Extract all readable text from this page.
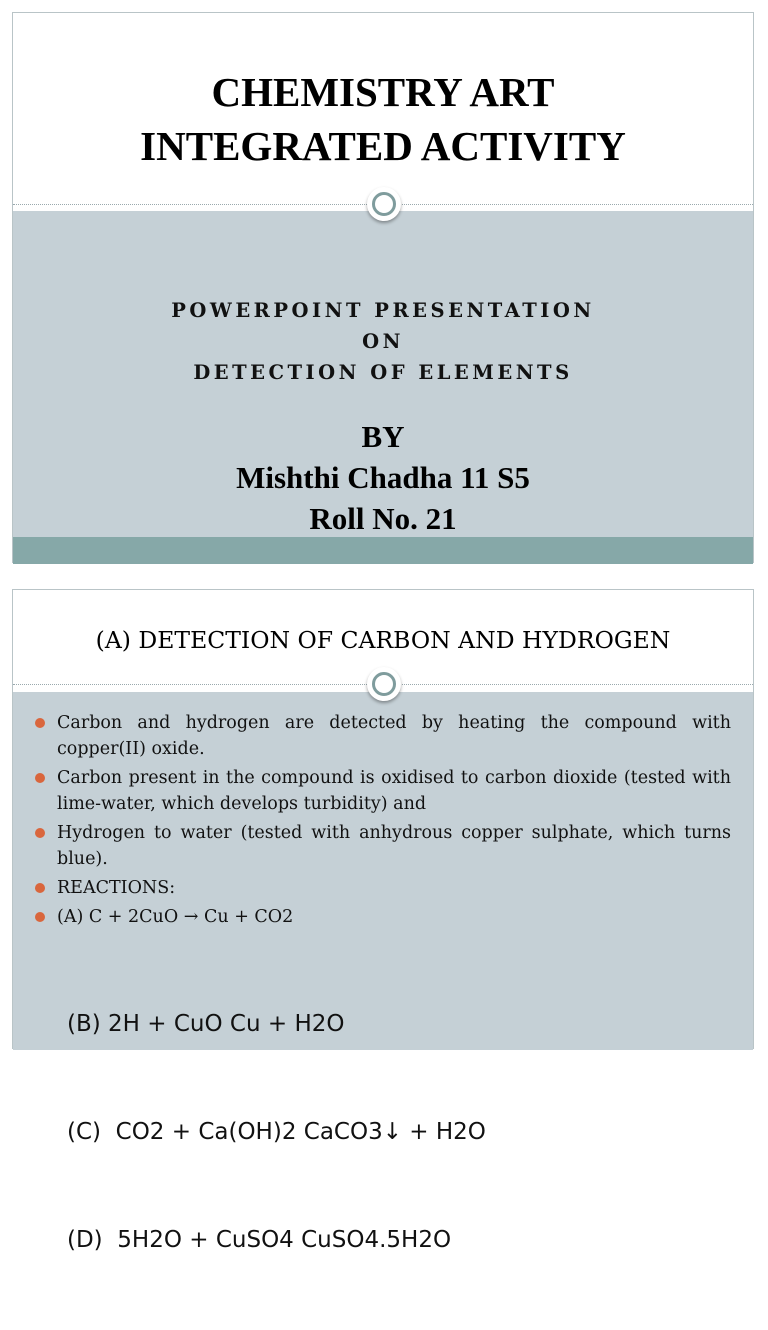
CHEMISTRY ART
INTEGRATED ACTIVITY
POWERPOINT PRESENTATION
ON
DETECTION OF ELEMENTS
BY
Mishthi Chadha 11 S5
Roll No. 21
(A) DETECTION OF CARBON AND HYDROGEN
Carbon and hydrogen are detected by heating the compound with copper(II) oxide.
Carbon present in the compound is oxidised to carbon dioxide (tested with lime-water, which develops turbidity) and
Hydrogen to water (tested with anhydrous copper sulphate, which turns blue).
REACTIONS:
(A) C + 2CuO → Cu + CO2

(B) 2H + CuO Cu + H2O

(C)  CO2 + Ca(OH)2 CaCO3↓ + H2O

(D)  5H2O + CuSO4 CuSO4.5H2O
